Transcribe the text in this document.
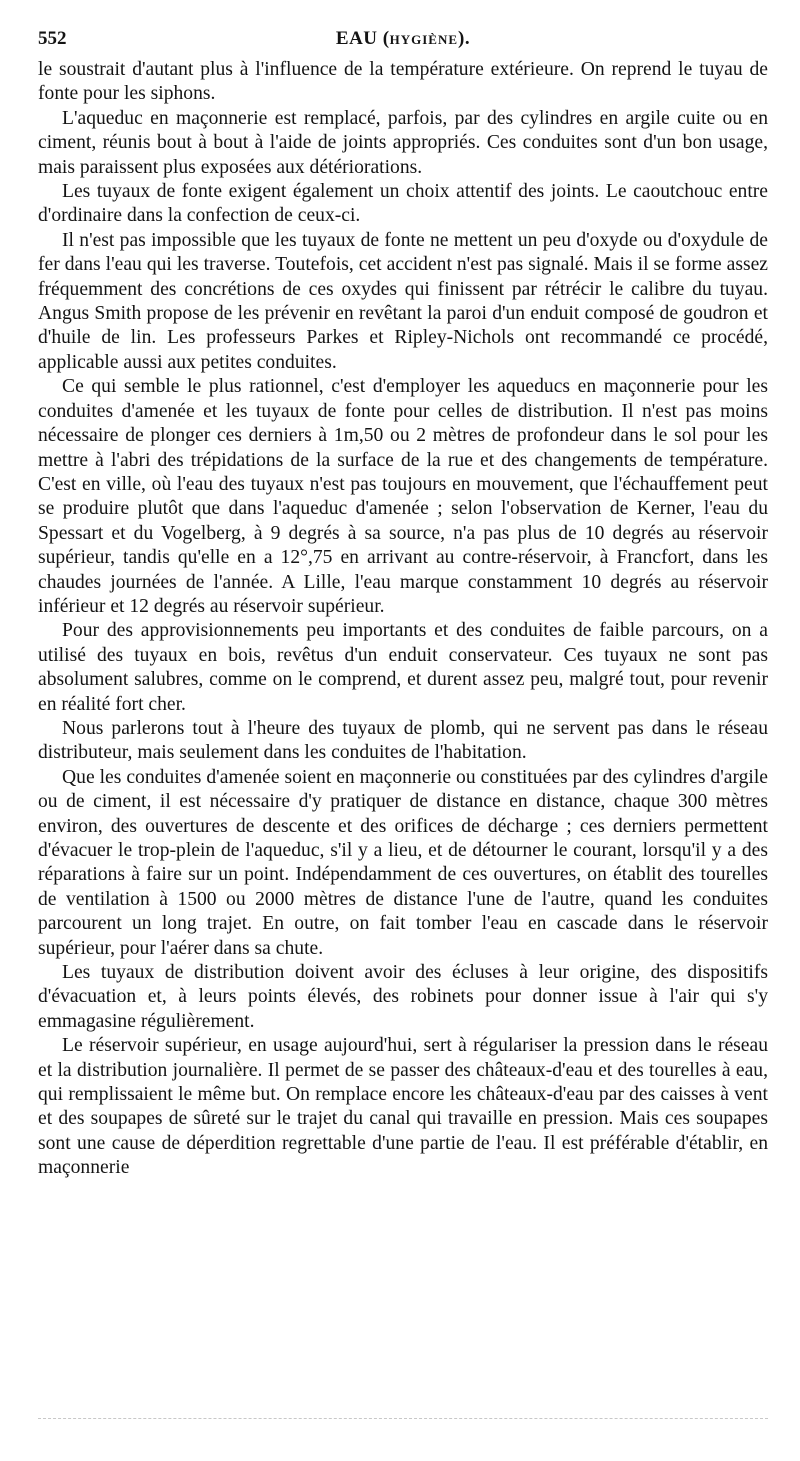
552	EAU (HYGIÈNE).

le soustrait d'autant plus à l'influence de la température extérieure. On reprend le tuyau de fonte pour les siphons.

L'aqueduc en maçonnerie est remplacé, parfois, par des cylindres en argile cuite ou en ciment, réunis bout à bout à l'aide de joints appropriés. Ces conduites sont d'un bon usage, mais paraissent plus exposées aux détériorations.

Les tuyaux de fonte exigent également un choix attentif des joints. Le caoutchouc entre d'ordinaire dans la confection de ceux-ci.

Il n'est pas impossible que les tuyaux de fonte ne mettent un peu d'oxyde ou d'oxydule de fer dans l'eau qui les traverse. Toutefois, cet accident n'est pas signalé. Mais il se forme assez fréquemment des concrétions de ces oxydes qui finissent par rétrécir le calibre du tuyau. Angus Smith propose de les prévenir en revêtant la paroi d'un enduit composé de goudron et d'huile de lin. Les professeurs Parkes et Ripley-Nichols ont recommandé ce procédé, applicable aussi aux petites conduites.

Ce qui semble le plus rationnel, c'est d'employer les aqueducs en maçonnerie pour les conduites d'amenée et les tuyaux de fonte pour celles de distribution. Il n'est pas moins nécessaire de plonger ces derniers à 1m,50 ou 2 mètres de profondeur dans le sol pour les mettre à l'abri des trépidations de la surface de la rue et des changements de température. C'est en ville, où l'eau des tuyaux n'est pas toujours en mouvement, que l'échauffement peut se produire plutôt que dans l'aqueduc d'amenée ; selon l'observation de Kerner, l'eau du Spessart et du Vogelberg, à 9 degrés à sa source, n'a pas plus de 10 degrés au réservoir supérieur, tandis qu'elle en a 12°,75 en arrivant au contre-réservoir, à Francfort, dans les chaudes journées de l'année. A Lille, l'eau marque constamment 10 degrés au réservoir inférieur et 12 degrés au réservoir supérieur.

Pour des approvisionnements peu importants et des conduites de faible parcours, on a utilisé des tuyaux en bois, revêtus d'un enduit conservateur. Ces tuyaux ne sont pas absolument salubres, comme on le comprend, et durent assez peu, malgré tout, pour revenir en réalité fort cher.

Nous parlerons tout à l'heure des tuyaux de plomb, qui ne servent pas dans le réseau distributeur, mais seulement dans les conduites de l'habitation.

Que les conduites d'amenée soient en maçonnerie ou constituées par des cylindres d'argile ou de ciment, il est nécessaire d'y pratiquer de distance en distance, chaque 300 mètres environ, des ouvertures de descente et des orifices de décharge ; ces derniers permettent d'évacuer le trop-plein de l'aqueduc, s'il y a lieu, et de détourner le courant, lorsqu'il y a des réparations à faire sur un point. Indépendamment de ces ouvertures, on établit des tourelles de ventilation à 1500 ou 2000 mètres de distance l'une de l'autre, quand les conduites parcourent un long trajet. En outre, on fait tomber l'eau en cascade dans le réservoir supérieur, pour l'aérer dans sa chute.

Les tuyaux de distribution doivent avoir des écluses à leur origine, des dispositifs d'évacuation et, à leurs points élevés, des robinets pour donner issue à l'air qui s'y emmagasine régulièrement.

Le réservoir supérieur, en usage aujourd'hui, sert à régulariser la pression dans le réseau et la distribution journalière. Il permet de se passer des châteaux-d'eau et des tourelles à eau, qui remplissaient le même but. On remplace encore les châteaux-d'eau par des caisses à vent et des soupapes de sûreté sur le trajet du canal qui travaille en pression. Mais ces soupapes sont une cause de déperdition regrettable d'une partie de l'eau. Il est préférable d'établir, en maçonnerie
